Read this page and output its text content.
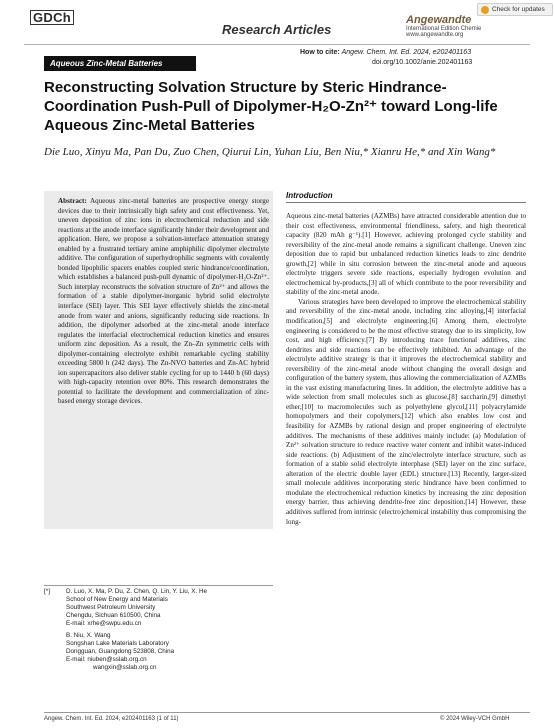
GDCh
Research Articles
Angewandte
International Edition Chemie
www.angewandte.org
Check for updates
How to cite: Angew. Chem. Int. Ed. 2024, e202401163
doi.org/10.1002/anie.202401163
Aqueous Zinc-Metal Batteries
Reconstructing Solvation Structure by Steric Hindrance-Coordination Push-Pull of Dipolymer-H₂O-Zn²⁺ toward Long-life Aqueous Zinc-Metal Batteries
Die Luo, Xinyu Ma, Pan Du, Zuo Chen, Qiurui Lin, Yuhan Liu, Ben Niu,* Xianru He,* and Xin Wang*
Abstract: Aqueous zinc-metal batteries are prospective energy storge devices due to their intrinsically high safety and cost effectiveness. Yet, uneven deposition of zinc ions in electrochemical reduction and side reactions at the anode interface significantly hinder their development and application. Here, we propose a solvation-interface attenuation strategy enabled by a frustrated tertiary amine amphiphilic dipolymer electrolyte additive. The configuration of superhydrophilic segments with covalently bonded lipophilic spacers enables coupled steric hindrance/coordination, which establishes a balanced push-pull dynamic of dipolymer-H₂O-Zn²⁺. Such interplay reconstructs the solvation structure of Zn²⁺ and allows the formation of a stable dipolymer-inorganic hybrid solid electrolyte interface (SEI) layer. This SEI layer effectively shields the zinc-metal anode from water and anions, significantly reducing side reactions. In addition, the dipolymer adsorbed at the zinc-metal anode interface regulates the interfacial electrochemical reduction kinetics and ensures uniform zinc deposition. As a result, the Zn–Zn symmetric cells with dipolymer-containing electrolyte exhibit remarkable cycling stability exceeding 5800 h (242 days). The Zn-NVO batteries and Zn-AC hybrid ion supercapacitors also deliver stable cycling for up to 1440 h (60 days) with high-capacity retention over 80%. This research demonstrates the potential to facilitate the development and commercialization of zinc-based energy storage devices.
Introduction

Aqueous zinc-metal batteries (AZMBs) have attracted considerable attention due to their cost effectiveness, environmental friendliness, safety, and high theoretical capacity (820 mAh g⁻¹).[1] However, achieving prolonged cycle stability and reversibility of the zinc-metal anode remains a significant challenge. Uneven zinc deposition due to rapid but unbalanced reduction kinetics leads to zinc dendrite growth,[2] while in situ corrosion between the zinc-metal anode and aqueous electrolyte triggers severe side reactions, especially hydrogen evolution and electrochemical by-products,[3] all of which contribute to the poor reversibility and stability of the zinc-metal anode.

Various strategies have been developed to improve the electrochemical stability and reversibility of the zinc-metal anode, including zinc alloying,[4] interfacial modification,[5] and electrolyte engineering.[6] Among them, electrolyte engineering is considered to be the most effective strategy due to its simplicity, low cost, and high efficiency.[7] By introducing trace functional additives, zinc dendrites and side reactions can be effectively inhibited. An advantage of the electrolyte additive strategy is that it improves the electrochemical stability and reversibility of the zinc-metal anode without changing the overall design and configuration of the battery system, thus allowing the commercialization of AZMBs in the vast existing manufacturing lines. In addition, the electrolyte additive has a wide selection from small molecules such as glucose,[8] saccharin,[9] dimethyl ether,[10] to macromolecules such as polyethylene glycol,[11] polyacrylamide homopolymers and their copolymers,[12] which also enables low cost and feasibility for AZMBs by rational design and proper engineering of electrolyte additives. The mechanisms of these additives mainly include: (a) Modulation of Zn²⁺ solvation structure to reduce reactive water content and inhibit water-induced side reactions. (b) Adjustment of the zinc/electrolyte interface structure, such as formation of a stable solid electrolyte interphase (SEI) layer on the zinc surface, alteration of the electric double layer (EDL) structure.[13] Recently, larger-sized small molecule additives incorporating steric hindrance have been confirmed to modulate the electrochemical reduction kinetics by increasing the zinc deposition energy barrier, thus achieving dendrite-free zinc deposition.[14] However, these additives suffered from intrinsic (electro)chemical instability thus compromising the long-

[*]	D. Luo, X. Ma, P. Du, Z. Chen, Q. Lin, Y. Liu, X. He
School of New Energy and Materials
Southwest Petroleum University
Chengdu, Sichuan 610500, China
E-mail: xrhe@swpu.edu.cn
B. Niu, X. Wang
Songshan Lake Materials Laboratory
Dongguan, Guangdong 523808, China
E-mail: niuben@sslab.org.cn
wangxin@sslab.org.cn
Angew. Chem. Int. Ed. 2024, e202401163 (1 of 11)	© 2024 Wiley-VCH GmbH
